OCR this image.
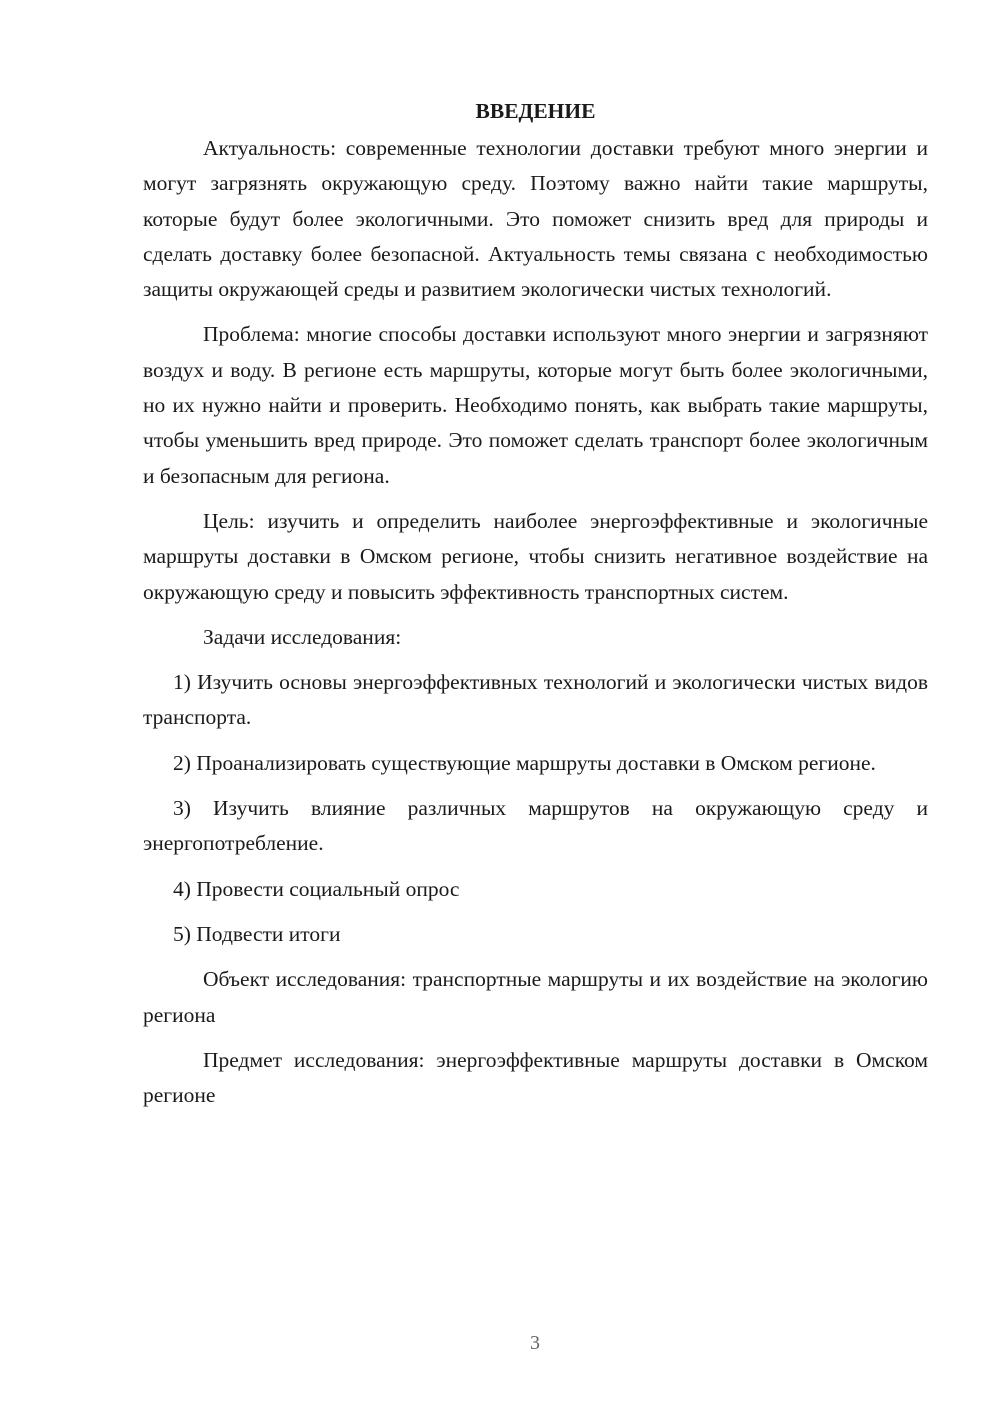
ВВЕДЕНИЕ

Актуальность: современные технологии доставки требуют много энергии и могут загрязнять окружающую среду. Поэтому важно найти такие маршруты, которые будут более экологичными. Это поможет снизить вред для природы и сделать доставку более безопасной. Актуальность темы связана с необходимостью защиты окружающей среды и развитием экологически чистых технологий.

Проблема: многие способы доставки используют много энергии и загрязняют воздух и воду. В регионе есть маршруты, которые могут быть более экологичными, но их нужно найти и проверить. Необходимо понять, как выбрать такие маршруты, чтобы уменьшить вред природе. Это поможет сделать транспорт более экологичным и безопасным для региона.

Цель: изучить и определить наиболее энергоэффективные и экологичные маршруты доставки в Омском регионе, чтобы снизить негативное воздействие на окружающую среду и повысить эффективность транспортных систем.

Задачи исследования:

1) Изучить основы энергоэффективных технологий и экологически чистых видов транспорта.

2) Проанализировать существующие маршруты доставки в Омском регионе.

3) Изучить влияние различных маршрутов на окружающую среду и энергопотребление.

4) Провести социальный опрос

5) Подвести итоги

Объект исследования: транспортные маршруты и их воздействие на экологию региона

Предмет исследования: энергоэффективные маршруты доставки в Омском регионе

3
